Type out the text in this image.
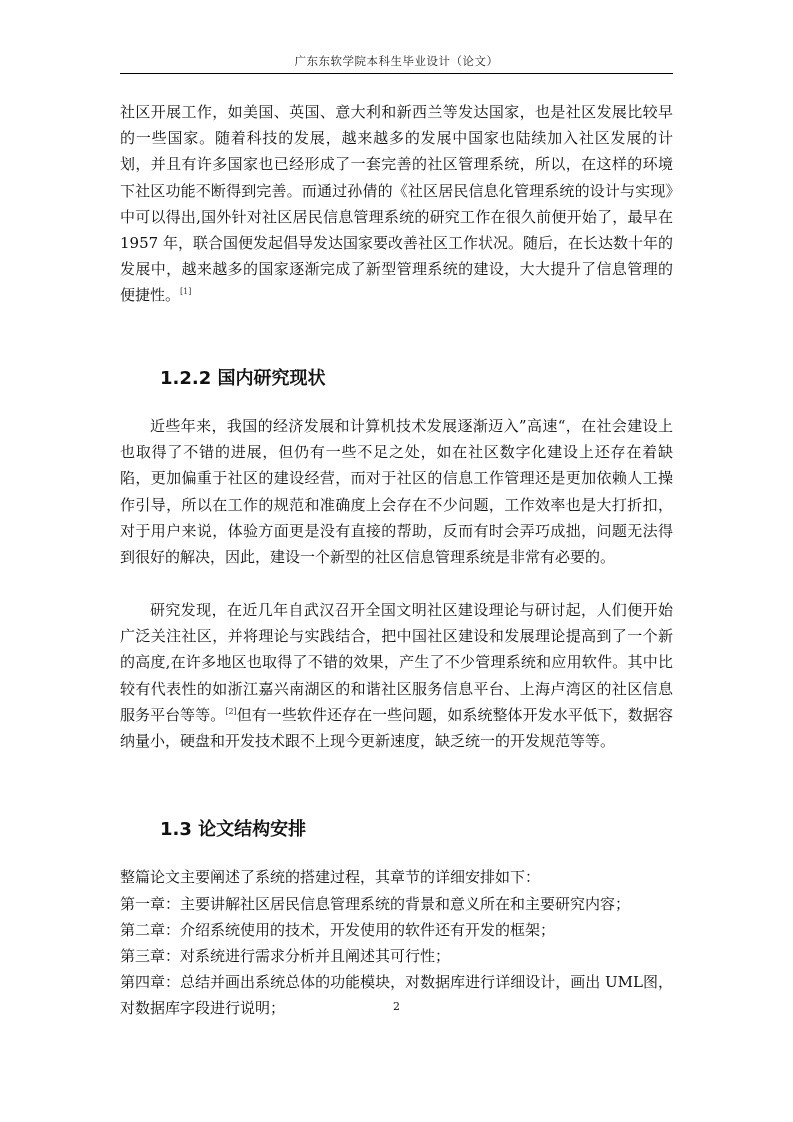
广东东软学院本科生毕业设计（论文）

社区开展工作，如美国、英国、意大利和新西兰等发达国家，也是社区发展比较早的一些国家。随着科技的发展，越来越多的发展中国家也陆续加入社区发展的计划，并且有许多国家也已经形成了一套完善的社区管理系统，所以，在这样的环境下社区功能不断得到完善。而通过孙倩的《社区居民信息化管理系统的设计与实现》中可以得出,国外针对社区居民信息管理系统的研究工作在很久前便开始了，最早在 1957 年，联合国便发起倡导发达国家要改善社区工作状况。随后，在长达数十年的发展中，越来越多的国家逐渐完成了新型管理系统的建设，大大提升了信息管理的便捷性。[1]

1.2.2 国内研究现状

近些年来，我国的经济发展和计算机技术发展逐渐迈入”高速“，在社会建设上也取得了不错的进展，但仍有一些不足之处，如在社区数字化建设上还存在着缺陷，更加偏重于社区的建设经营，而对于社区的信息工作管理还是更加依赖人工操作引导，所以在工作的规范和准确度上会存在不少问题，工作效率也是大打折扣，对于用户来说，体验方面更是没有直接的帮助，反而有时会弄巧成拙，问题无法得到很好的解决，因此，建设一个新型的社区信息管理系统是非常有必要的。

研究发现，在近几年自武汉召开全国文明社区建设理论与研讨起，人们便开始广泛关注社区，并将理论与实践结合，把中国社区建设和发展理论提高到了一个新的高度,在许多地区也取得了不错的效果，产生了不少管理系统和应用软件。其中比较有代表性的如浙江嘉兴南湖区的和谐社区服务信息平台、上海卢湾区的社区信息服务平台等等。[2]但有一些软件还存在一些问题，如系统整体开发水平低下，数据容纳量小，硬盘和开发技术跟不上现今更新速度，缺乏统一的开发规范等等。

1.3 论文结构安排

整篇论文主要阐述了系统的搭建过程，其章节的详细安排如下：

第一章：主要讲解社区居民信息管理系统的背景和意义所在和主要研究内容；

第二章：介绍系统使用的技术，开发使用的软件还有开发的框架；

第三章：对系统进行需求分析并且阐述其可行性；

第四章：总结并画出系统总体的功能模块，对数据库进行详细设计，画出 UML图，对数据库字段进行说明；	2
